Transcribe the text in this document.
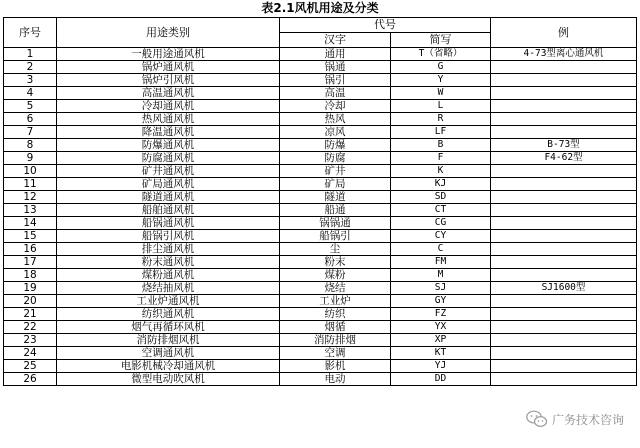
表2.1风机用途及分类
序号	用途类别	代号		例
		汉字	简写	
1	一般用途通风机	通用	T（省略）	4-73型离心通风机
2	锅炉通风机	锅通	G	
3	锅炉引风机	锅引	Y	
4	高温通风机	高温	W	
5	冷却通风机	冷却	L	
6	热风通风机	热风	R	
7	降温通风机	凉风	LF	
8	防爆通风机	防爆	B	B-73型
9	防腐通风机	防腐	F	F4-62型
10	矿井通风机	矿井	K	
11	矿局通风机	矿局	KJ	
12	隧道通风机	隧道	SD	
13	船舶通风机	船通	CT	
14	船锅通风机	锅锅通	CG	
15	船锅引风机	船锅引	CY	
16	排尘通风机	尘	C	
17	粉末通风机	粉末	FM	
18	煤粉通风机	煤粉	M	
19	烧结抽风机	烧结	SJ	SJ1600型
20	工业炉通风机	工业炉	GY	
21	纺织通风机	纺织	FZ	
22	烟气再循环风机	烟循	YX	
23	消防排烟风机	消防排烟	XP	
24	空调通风机	空调	KT	
25	电影机械冷却通风机	影机	YJ	
26	微型电动吹风机	电动	DD	
广务技术咨询
